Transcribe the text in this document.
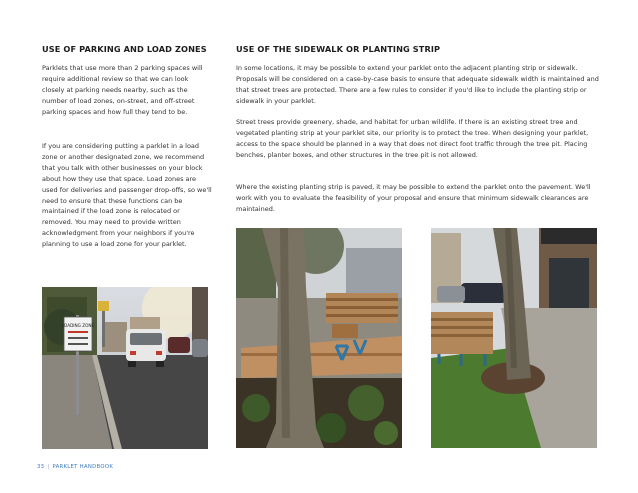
USE OF PARKING AND LOAD ZONES

Parklets that use more than 2 parking spaces will require additional review so that we can look closely at parking needs nearby, such as the number of load zones, on-street, and off-street parking spaces and how full they tend to be.

If you are considering putting a parklet in a load zone or another designated zone, we recommend that you talk with other businesses on your block about how they use that space. Load zones are used for deliveries and passenger drop-offs, so we'll need to ensure that these functions can be maintained if the load zone is relocated or removed. You may need to provide written acknowledgment from your neighbors if you're planning to use a load zone for your parklet.

USE OF THE SIDEWALK OR PLANTING STRIP

In some locations, it may be possible to extend your parklet onto the adjacent planting strip or sidewalk. Proposals will be considered on a case-by-case basis to ensure that adequate sidewalk width is maintained and that street trees are protected. There are a few rules to consider if you'd like to include the planting strip or sidewalk in your parklet.

Street trees provide greenery, shade, and habitat for urban wildlife. If there is an existing street tree and vegetated planting strip at your parklet site, our priority is to protect the tree. When designing your parklet, access to the space should be planned in a way that does not direct foot traffic through the tree pit. Placing benches, planter boxes, and other structures in the tree pit is not allowed.

Where the existing planting strip is paved, it may be possible to extend the parklet onto the pavement. We'll work with you to evaluate the feasibility of your proposal and ensure that minimum sidewalk clearances are maintained.

LOADING ZONE
33 | PARKLET HANDBOOK
